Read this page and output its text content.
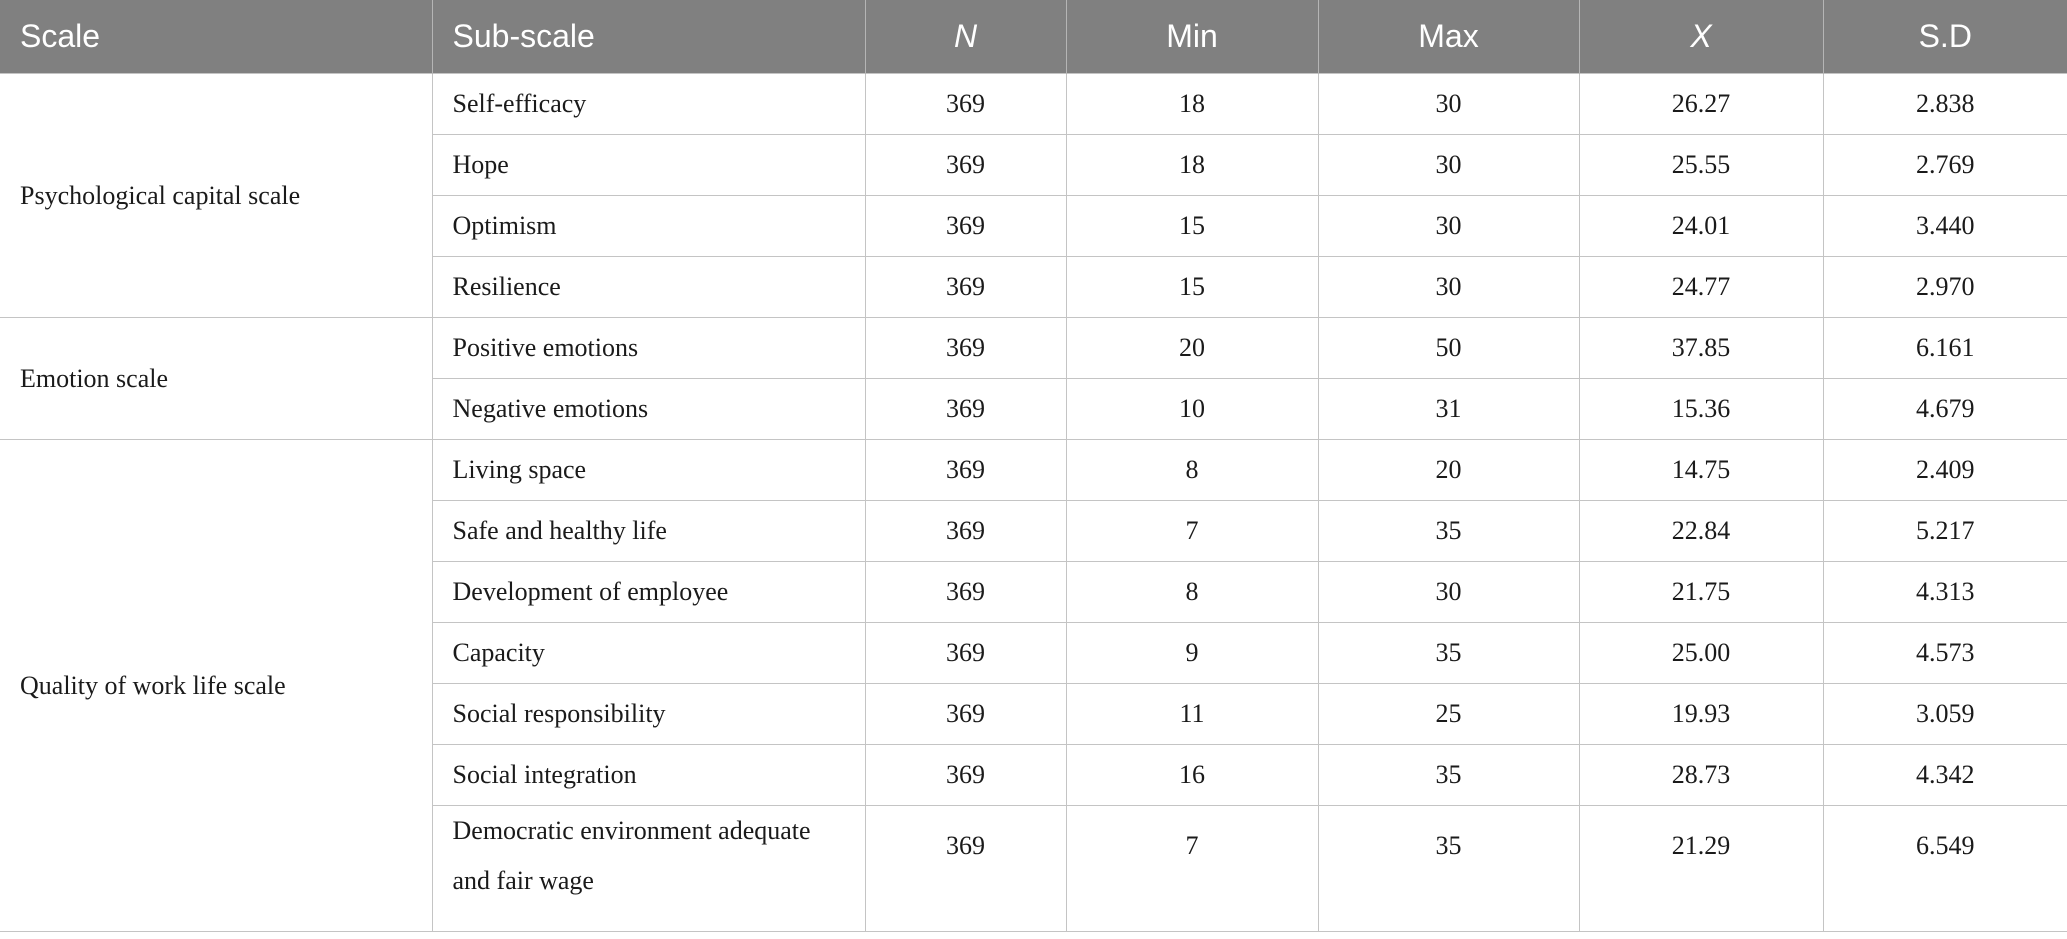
Scale	Sub-scale	N	Min	Max	X	S.D
Psychological capital scale	Self-efficacy	369	18	30	26.27	2.838
	Hope	369	18	30	25.55	2.769
	Optimism	369	15	30	24.01	3.440
	Resilience	369	15	30	24.77	2.970
Emotion scale	Positive emotions	369	20	50	37.85	6.161
	Negative emotions	369	10	31	15.36	4.679
Quality of work life scale	Living space	369	8	20	14.75	2.409
	Safe and healthy life	369	7	35	22.84	5.217
	Development of employee	369	8	30	21.75	4.313
	Capacity	369	9	35	25.00	4.573
	Social responsibility	369	11	25	19.93	3.059
	Social integration	369	16	35	28.73	4.342
	Democratic environment adequate and fair wage	369	7	35	21.29	6.549
